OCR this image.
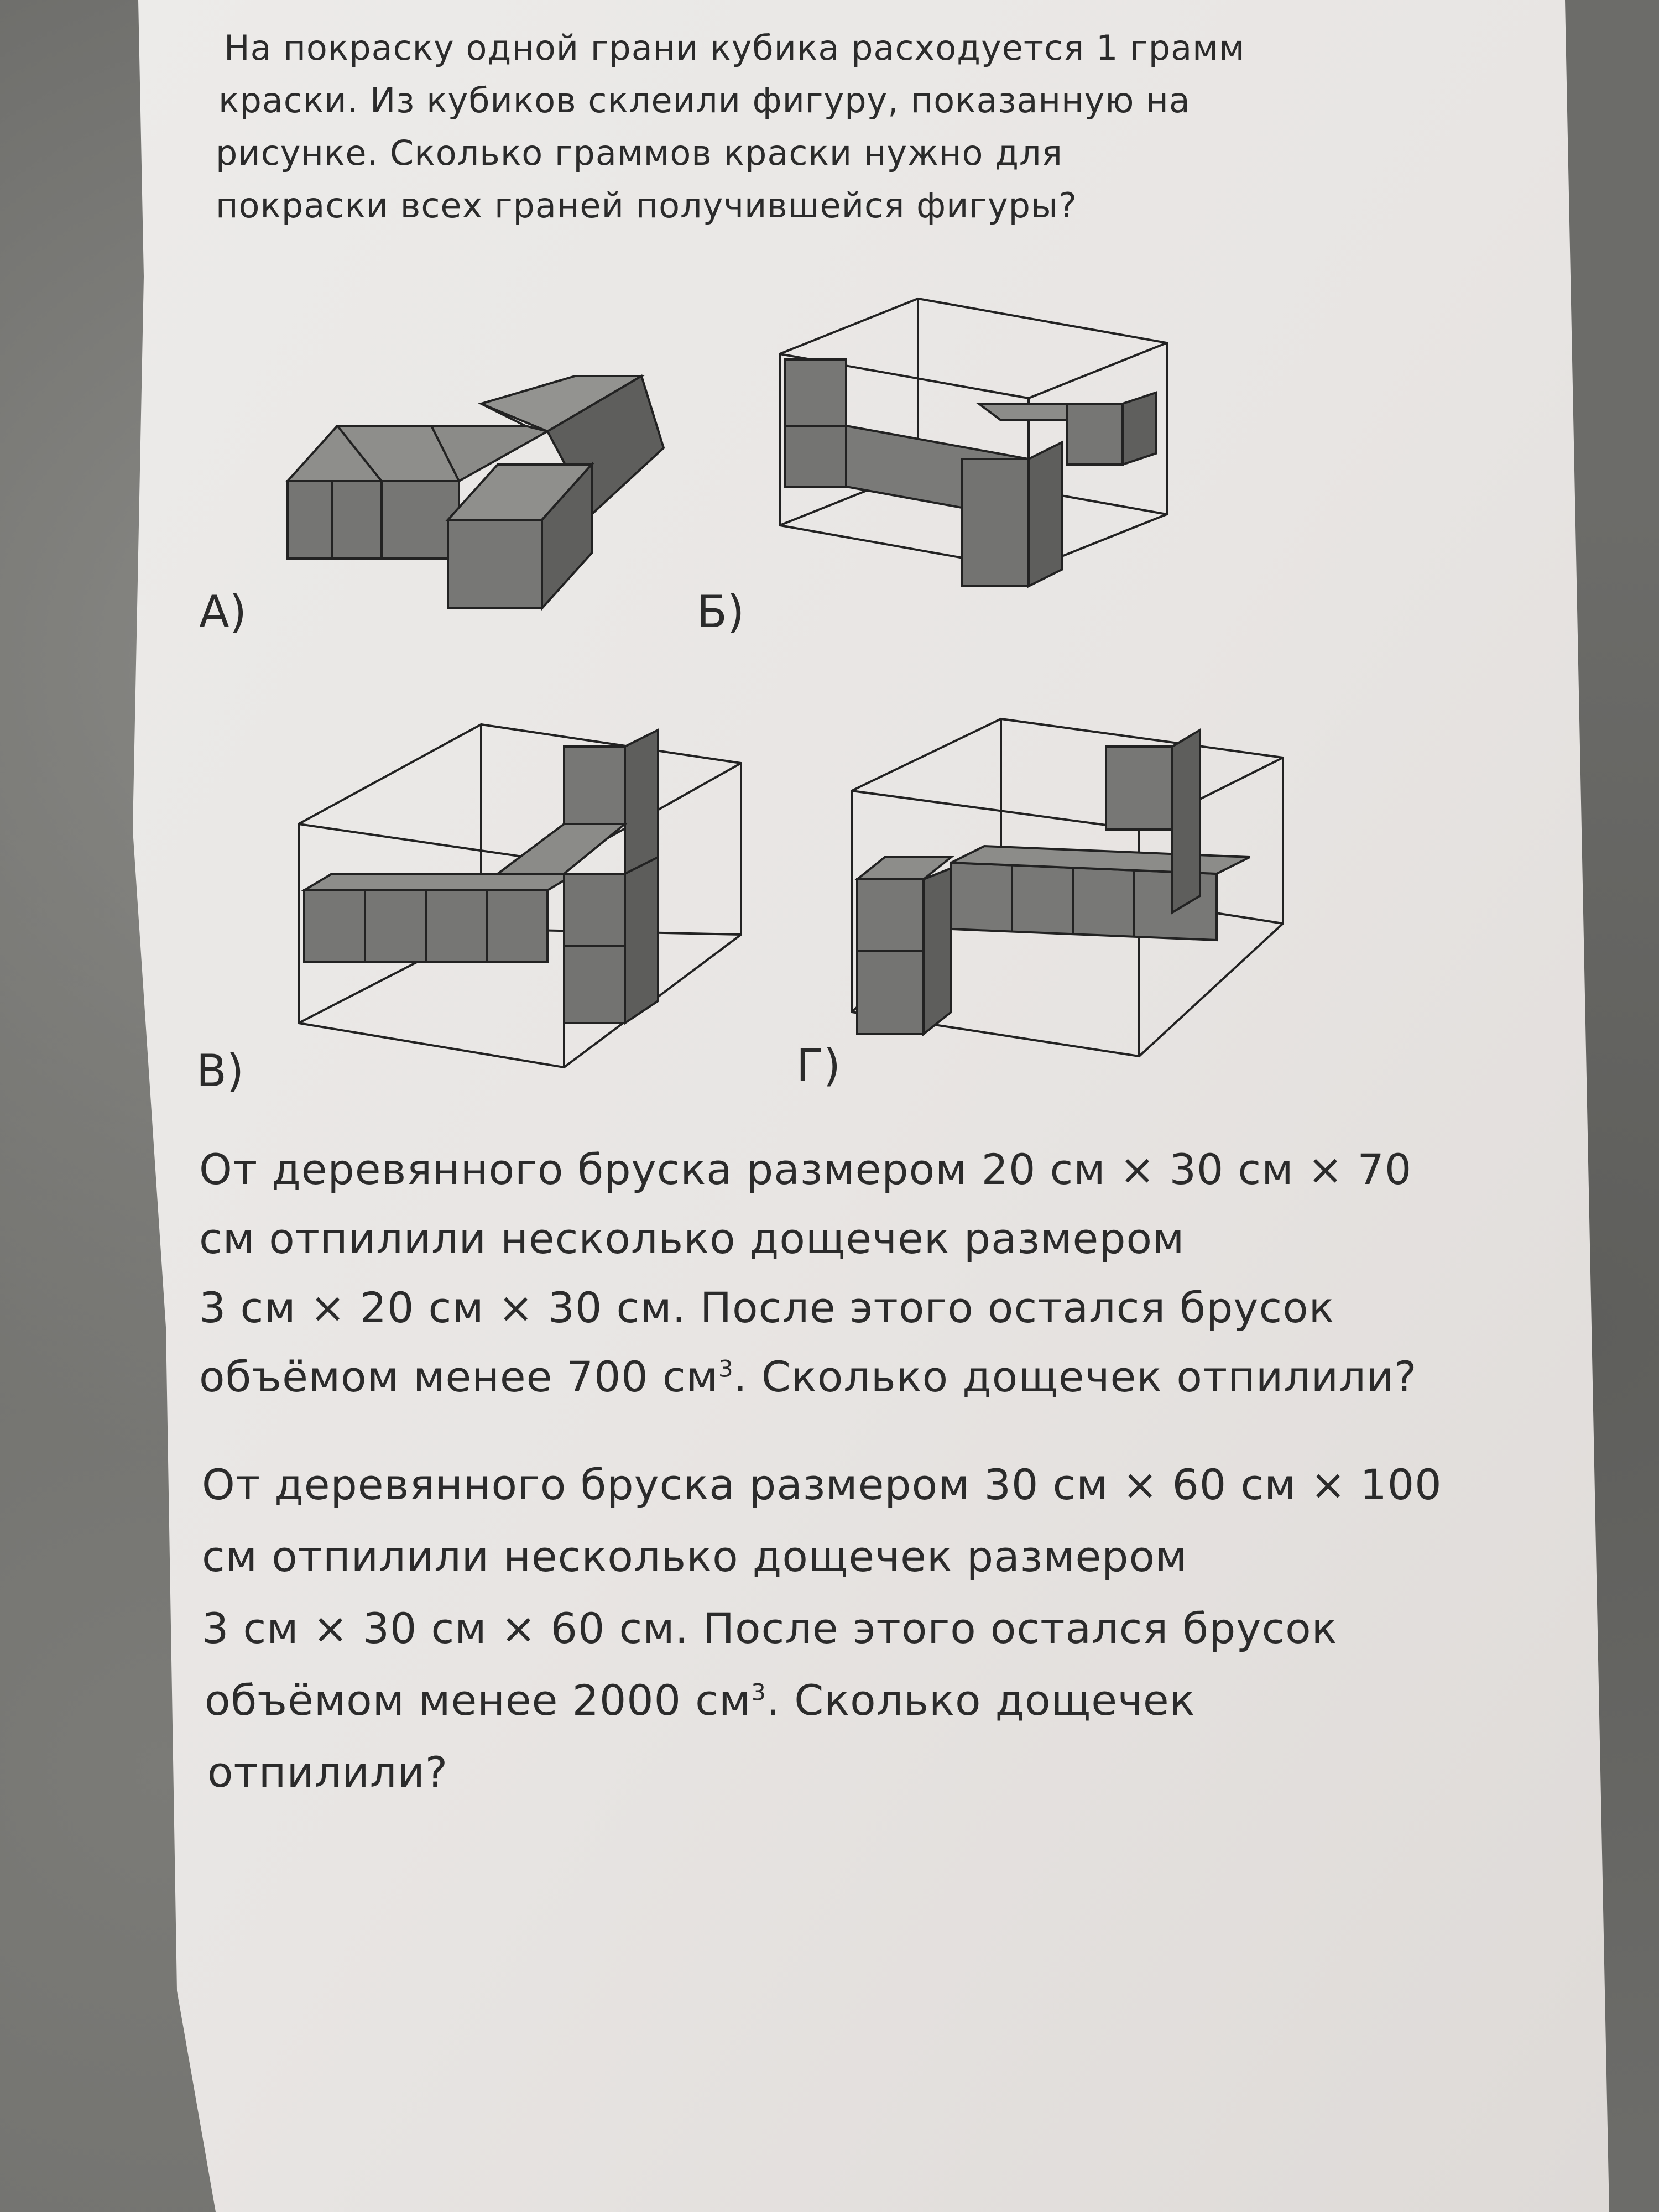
На покраску одной грани кубика расходуется 1 грамм
краски. Из кубиков склеили фигуру, показанную на
рисунке. Сколько граммов краски нужно для
покраски всех граней получившейся фигуры?
А)	Б)
В)	Г)
От деревянного бруска размером 20 см × 30 см × 70
см отпилили несколько дощечек размером
3 см × 20 см × 30 см. После этого остался брусок
объёмом менее 700 $см^3$. Сколько дощечек отпилили?
От деревянного бруска размером 30 см × 60 см × 100
см отпилили несколько дощечек размером
3 см × 30 см × 60 см. После этого остался брусок
объёмом менее 2000 $см^3$. Сколько дощечек
отпилили?
